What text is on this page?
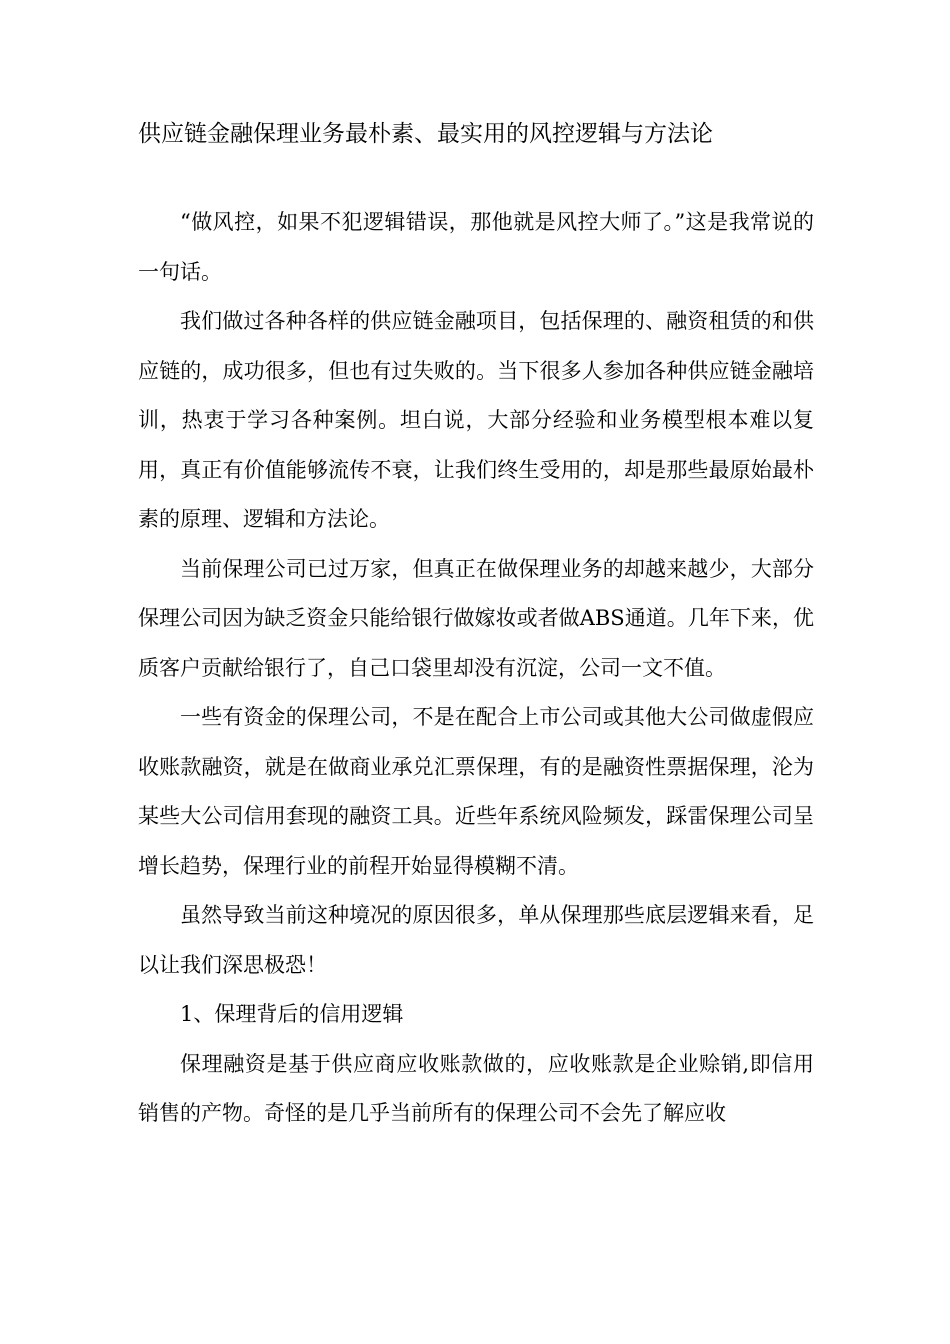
供应链金融保理业务最朴素、最实用的风控逻辑与方法论

“做风控，如果不犯逻辑错误，那他就是风控大师了。”这是我常说的一句话。

我们做过各种各样的供应链金融项目，包括保理的、融资租赁的和供应链的，成功很多，但也有过失败的。当下很多人参加各种供应链金融培训，热衷于学习各种案例。坦白说，大部分经验和业务模型根本难以复用，真正有价值能够流传不衰，让我们终生受用的，却是那些最原始最朴素的原理、逻辑和方法论。

当前保理公司已过万家，但真正在做保理业务的却越来越少，大部分保理公司因为缺乏资金只能给银行做嫁妆或者做ABS通道。几年下来，优质客户贡献给银行了，自己口袋里却没有沉淀，公司一文不值。

一些有资金的保理公司，不是在配合上市公司或其他大公司做虚假应收账款融资，就是在做商业承兑汇票保理，有的是融资性票据保理，沦为某些大公司信用套现的融资工具。近些年系统风险频发，踩雷保理公司呈增长趋势，保理行业的前程开始显得模糊不清。

虽然导致当前这种境况的原因很多，单从保理那些底层逻辑来看，足以让我们深思极恐！

1、保理背后的信用逻辑

保理融资是基于供应商应收账款做的，应收账款是企业赊销,即信用销售的产物。奇怪的是几乎当前所有的保理公司不会先了解应收
